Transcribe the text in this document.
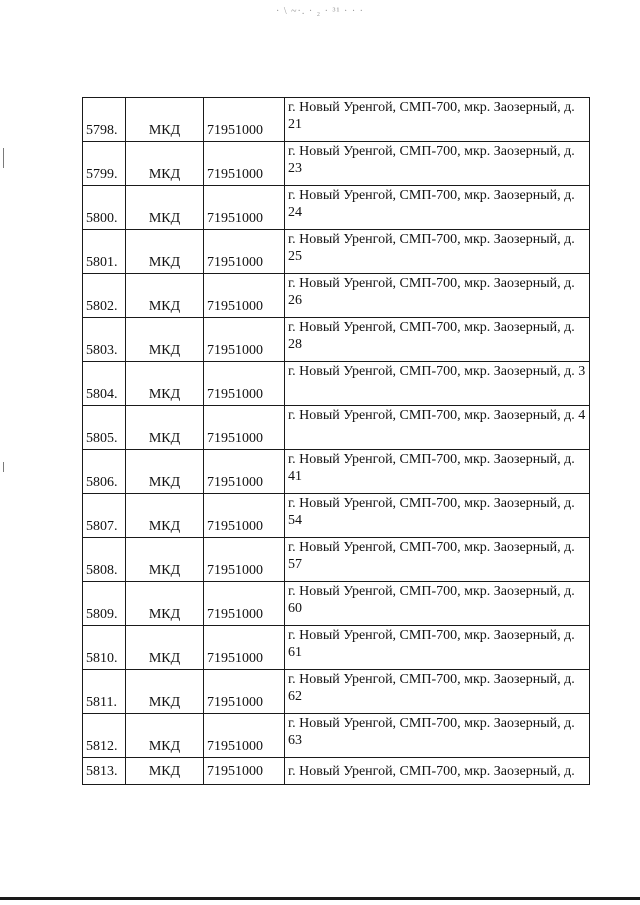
· \ ~·. · ₂ · ³¹ · · ·
5798.	МКД	71951000	г. Новый Уренгой, СМП-700, мкр. Заозерный, д. 21
5799.	МКД	71951000	г. Новый Уренгой, СМП-700, мкр. Заозерный, д. 23
5800.	МКД	71951000	г. Новый Уренгой, СМП-700, мкр. Заозерный, д. 24
5801.	МКД	71951000	г. Новый Уренгой, СМП-700, мкр. Заозерный, д. 25
5802.	МКД	71951000	г. Новый Уренгой, СМП-700, мкр. Заозерный, д. 26
5803.	МКД	71951000	г. Новый Уренгой, СМП-700, мкр. Заозерный, д. 28
5804.	МКД	71951000	г. Новый Уренгой, СМП-700, мкр. Заозерный, д. 3
5805.	МКД	71951000	г. Новый Уренгой, СМП-700, мкр. Заозерный, д. 4
5806.	МКД	71951000	г. Новый Уренгой, СМП-700, мкр. Заозерный, д. 41
5807.	МКД	71951000	г. Новый Уренгой, СМП-700, мкр. Заозерный, д. 54
5808.	МКД	71951000	г. Новый Уренгой, СМП-700, мкр. Заозерный, д. 57
5809.	МКД	71951000	г. Новый Уренгой, СМП-700, мкр. Заозерный, д. 60
5810.	МКД	71951000	г. Новый Уренгой, СМП-700, мкр. Заозерный, д. 61
5811.	МКД	71951000	г. Новый Уренгой, СМП-700, мкр. Заозерный, д. 62
5812.	МКД	71951000	г. Новый Уренгой, СМП-700, мкр. Заозерный, д. 63
5813.	МКД	71951000	г. Новый Уренгой, СМП-700, мкр. Заозерный, д.
